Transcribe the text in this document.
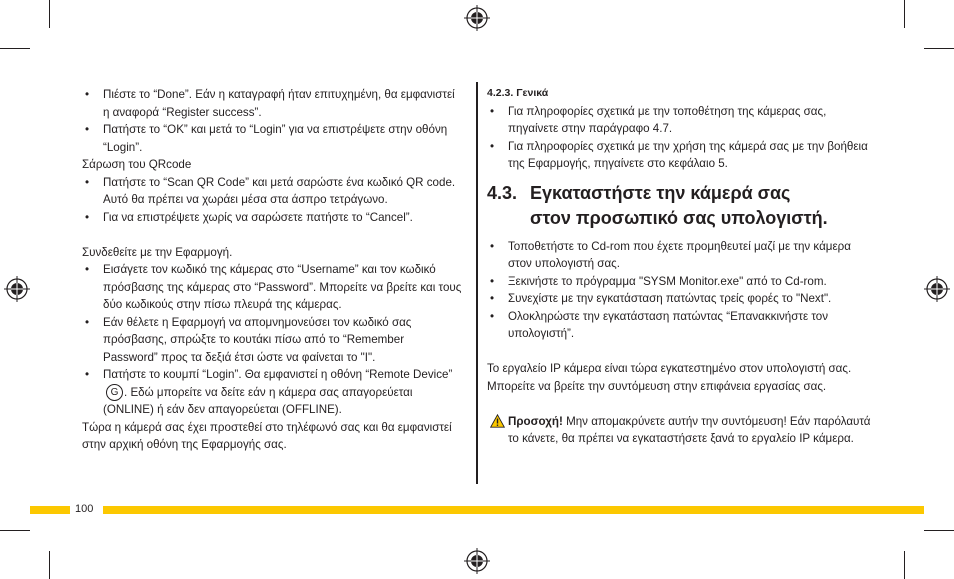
• Πιέστε το “Done”. Εάν η καταγραφή ήταν επιτυχημένη, θα εμφανιστεί η αναφορά “Register success”.
• Πατήστε το “OK” και μετά το “Login” για να επιστρέψετε στην οθόνη “Login”.
Σάρωση του QRcode
• Πατήστε το “Scan QR Code” και μετά σαρώστε ένα κωδικό QR code. Αυτό θα πρέπει να χωράει μέσα στα άσπρο τετράγωνο.
• Για να επιστρέψετε χωρίς να σαρώσετε πατήστε το “Cancel”.
Συνδεθείτε με την Εφαρμογή.
• Εισάγετε τον κωδικό της κάμερας στο “Username” και τον κωδικό πρόσβασης της κάμερας στο “Password”. Μπορείτε να βρείτε και τους δύο κωδικούς στην πίσω πλευρά της κάμερας.
• Εάν θέλετε η Εφαρμογή να απομνημονεύσει τον κωδικό σας πρόσβασης, σπρώξτε το κουτάκι πίσω από το “Remember Password” προς τα δεξιά έτσι ώστε να φαίνεται το "I".
• Πατήστε το κουμπί “Login”. Θα εμφανιστεί η οθόνη “Remote Device” G . Εδώ μπορείτε να δείτε εάν η κάμερα σας απαγορεύεται (ONLINE) ή εάν δεν απαγορεύεται (OFFLINE).
Τώρα η κάμερά σας έχει προστεθεί στο τηλέφωνό σας και θα εμφανιστεί στην αρχική οθόνη της Εφαρμογής σας.
4.2.3. Γενικά
• Για πληροφορίες σχετικά με την τοποθέτηση της κάμερας σας, πηγαίνετε στην παράγραφο 4.7.
• Για πληροφορίες σχετικά με την χρήση της κάμερά σας με την βοήθεια της Εφαρμογής, πηγαίνετε στο κεφάλαιο 5.
4.3. Εγκαταστήστε την κάμερά σας
στον προσωπικό σας υπολογιστή.
• Τοποθετήστε το Cd-rom που έχετε προμηθευτεί μαζί με την κάμερα στον υπολογιστή σας.
• Ξεκινήστε το πρόγραμμα "SYSM Monitor.exe" από το Cd-rom.
• Συνεχίστε με την εγκατάσταση πατώντας τρείς φορές το "Next".
• Ολοκληρώστε την εγκατάσταση πατώντας “Επανακκινήστε τον υπολογιστή”.
Το εργαλείο IP κάμερα είναι τώρα εγκατεστημένο στον υπολογιστή σας. Μπορείτε να βρείτε την συντόμευση στην επιφάνεια εργασίας σας.
Προσοχή! Μην απομακρύνετε αυτήν την συντόμευση! Εάν παρόλαυτά το κάνετε, θα πρέπει να εγκαταστήσετε ξανά το εργαλείο IP κάμερα.
100
